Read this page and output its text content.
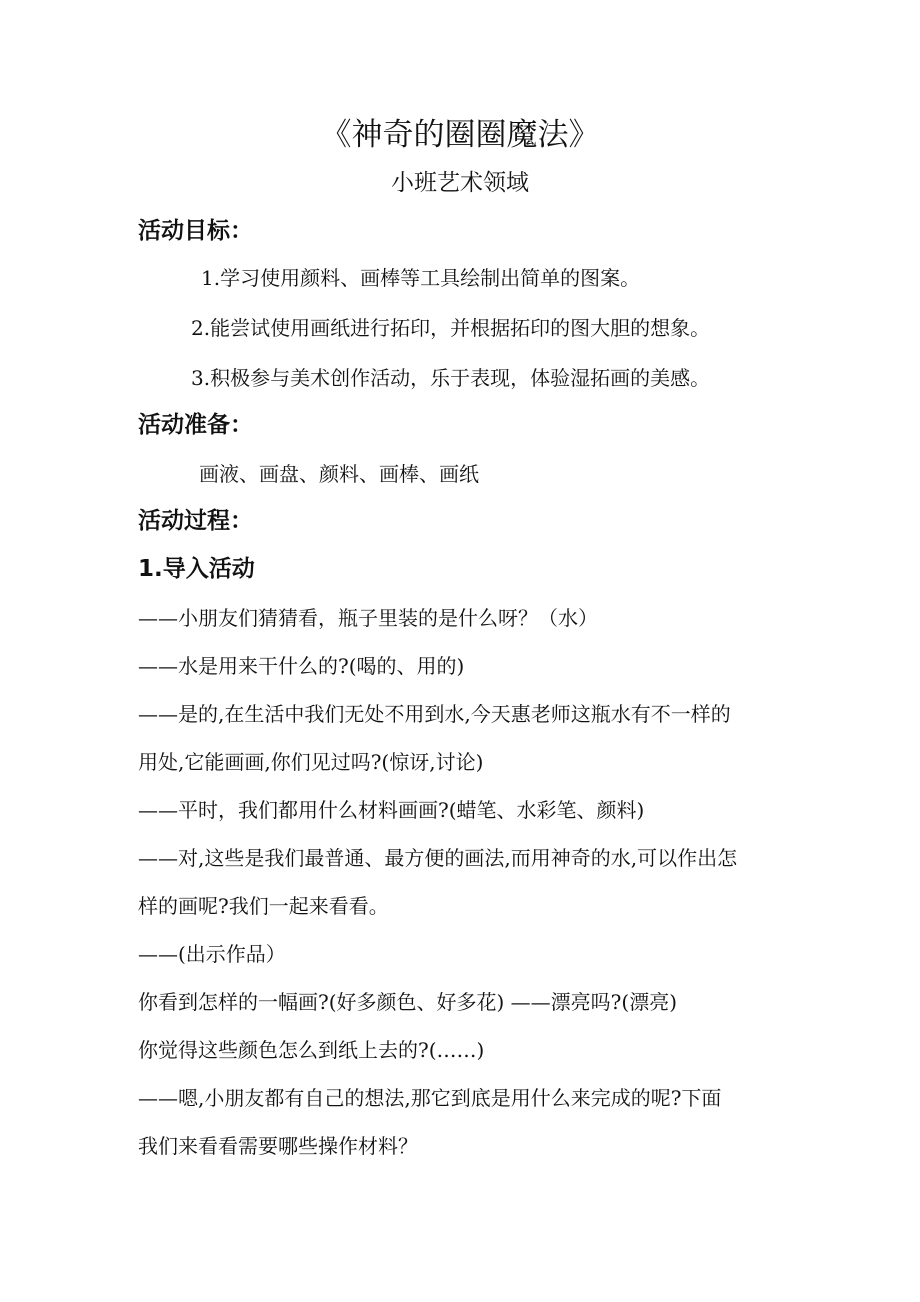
《神奇的圈圈魔法》
小班艺术领域
活动目标：
1.学习使用颜料、画棒等工具绘制出简单的图案。
2.能尝试使用画纸进行拓印，并根据拓印的图大胆的想象。
3.积极参与美术创作活动，乐于表现，体验湿拓画的美感。
活动准备：
画液、画盘、颜料、画棒、画纸
活动过程：
1.导入活动
——小朋友们猜猜看，瓶子里装的是什么呀？（水）
——水是用来干什么的?(喝的、用的)
——是的,在生活中我们无处不用到水,今天惠老师这瓶水有不一样的
用处,它能画画,你们见过吗?(惊讶,讨论)
——平时，我们都用什么材料画画?(蜡笔、水彩笔、颜料)
——对,这些是我们最普通、最方便的画法,而用神奇的水,可以作出怎
样的画呢?我们一起来看看。
——(出示作品）
你看到怎样的一幅画?(好多颜色、好多花) ——漂亮吗?(漂亮)
你觉得这些颜色怎么到纸上去的?(……)
——嗯,小朋友都有自己的想法,那它到底是用什么来完成的呢?下面
我们来看看需要哪些操作材料？
